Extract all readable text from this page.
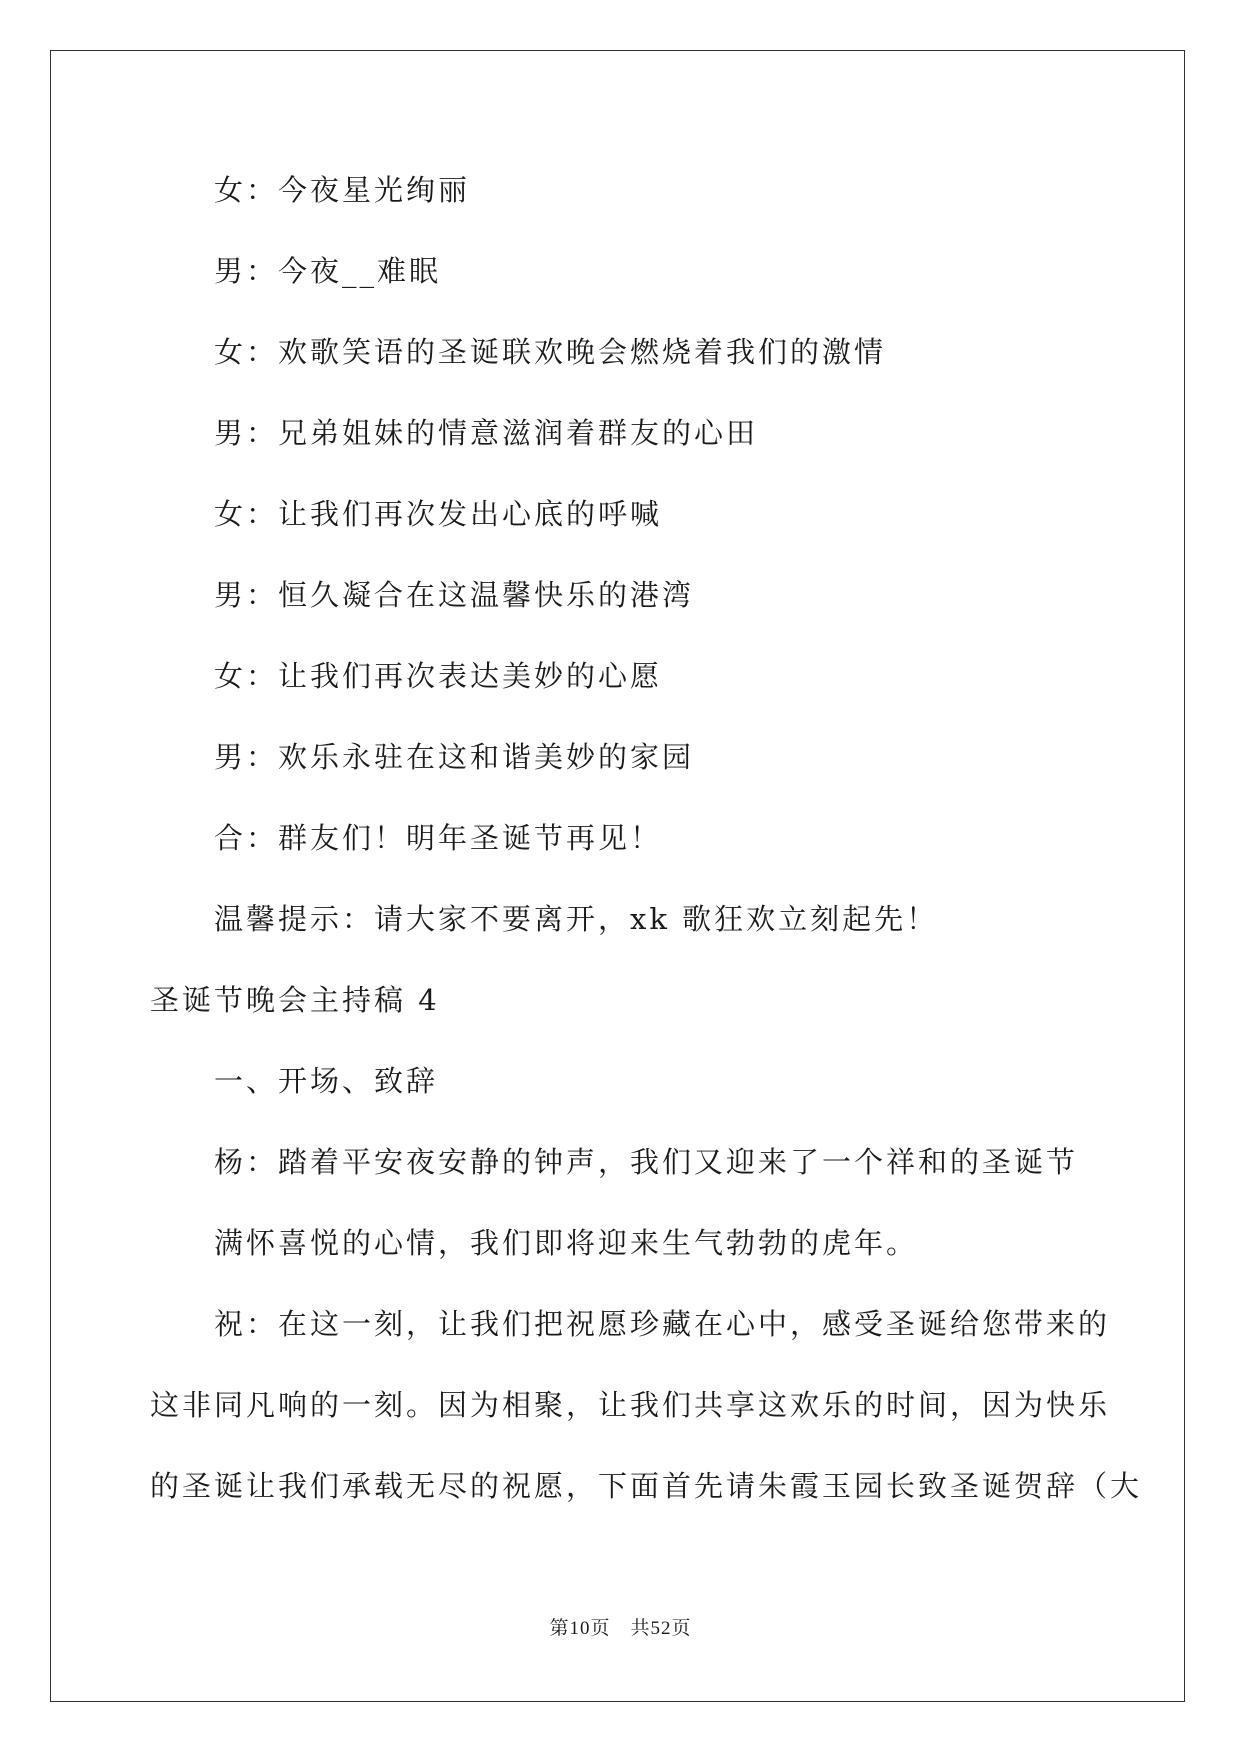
女：今夜星光绚丽
男：今夜__难眠
女：欢歌笑语的圣诞联欢晚会燃烧着我们的激情
男：兄弟姐妹的情意滋润着群友的心田
女：让我们再次发出心底的呼喊
男：恒久凝合在这温馨快乐的港湾
女：让我们再次表达美妙的心愿
男：欢乐永驻在这和谐美妙的家园
合：群友们！明年圣诞节再见！
温馨提示：请大家不要离开，xk 歌狂欢立刻起先！
圣诞节晚会主持稿 4
一、开场、致辞
杨：踏着平安夜安静的钟声，我们又迎来了一个祥和的圣诞节
满怀喜悦的心情，我们即将迎来生气勃勃的虎年。
祝：在这一刻，让我们把祝愿珍藏在心中，感受圣诞给您带来的
这非同凡响的一刻。因为相聚，让我们共享这欢乐的时间，因为快乐
的圣诞让我们承载无尽的祝愿，下面首先请朱霞玉园长致圣诞贺辞（大
第10页　共52页
